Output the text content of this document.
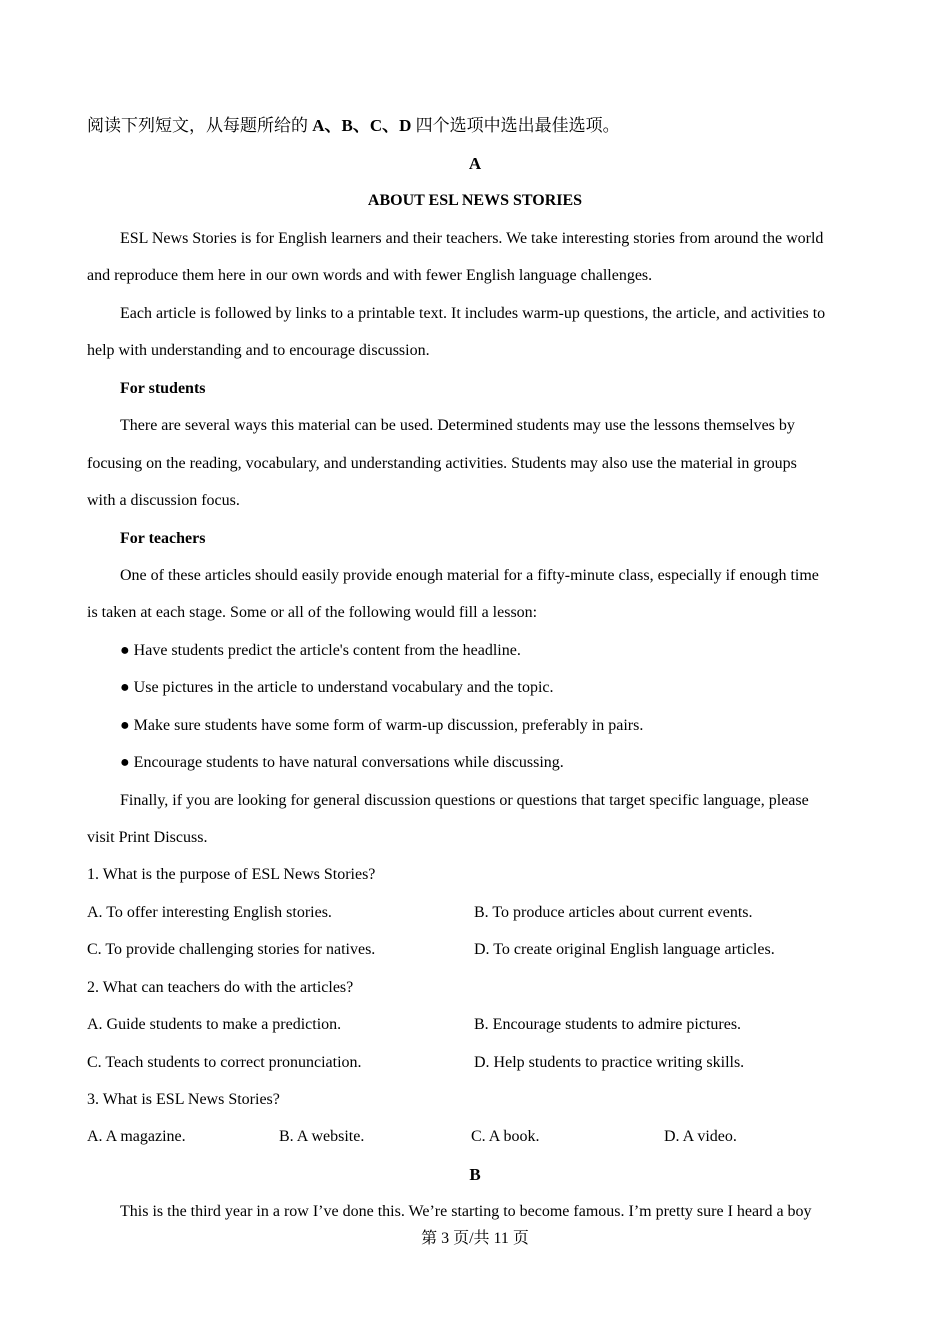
阅读下列短文，从每题所给的 A、B、C、D 四个选项中选出最佳选项。
A
ABOUT ESL NEWS STORIES
ESL News Stories is for English learners and their teachers. We take interesting stories from around the world
and reproduce them here in our own words and with fewer English language challenges.
Each article is followed by links to a printable text. It includes warm-up questions, the article, and activities to
help with understanding and to encourage discussion.
For students
There are several ways this material can be used. Determined students may use the lessons themselves by
focusing on the reading, vocabulary, and understanding activities. Students may also use the material in groups
with a discussion focus.
For teachers
One of these articles should easily provide enough material for a fifty-minute class, especially if enough time
is taken at each stage. Some or all of the following would fill a lesson:
● Have students predict the article's content from the headline.
● Use pictures in the article to understand vocabulary and the topic.
● Make sure students have some form of warm-up discussion, preferably in pairs.
● Encourage students to have natural conversations while discussing.
Finally, if you are looking for general discussion questions or questions that target specific language, please
visit Print Discuss.
1. What is the purpose of ESL News Stories?
A. To offer interesting English stories.	B. To produce articles about current events.
C. To provide challenging stories for natives.	D. To create original English language articles.
2. What can teachers do with the articles?
A. Guide students to make a prediction.	B. Encourage students to admire pictures.
C. Teach students to correct pronunciation.	D. Help students to practice writing skills.
3. What is ESL News Stories?
A. A magazine.	B. A website.	C. A book.	D. A video.
B
This is the third year in a row I’ve done this. We’re starting to become famous. I’m pretty sure I heard a boy
第 3 页/共 11 页
